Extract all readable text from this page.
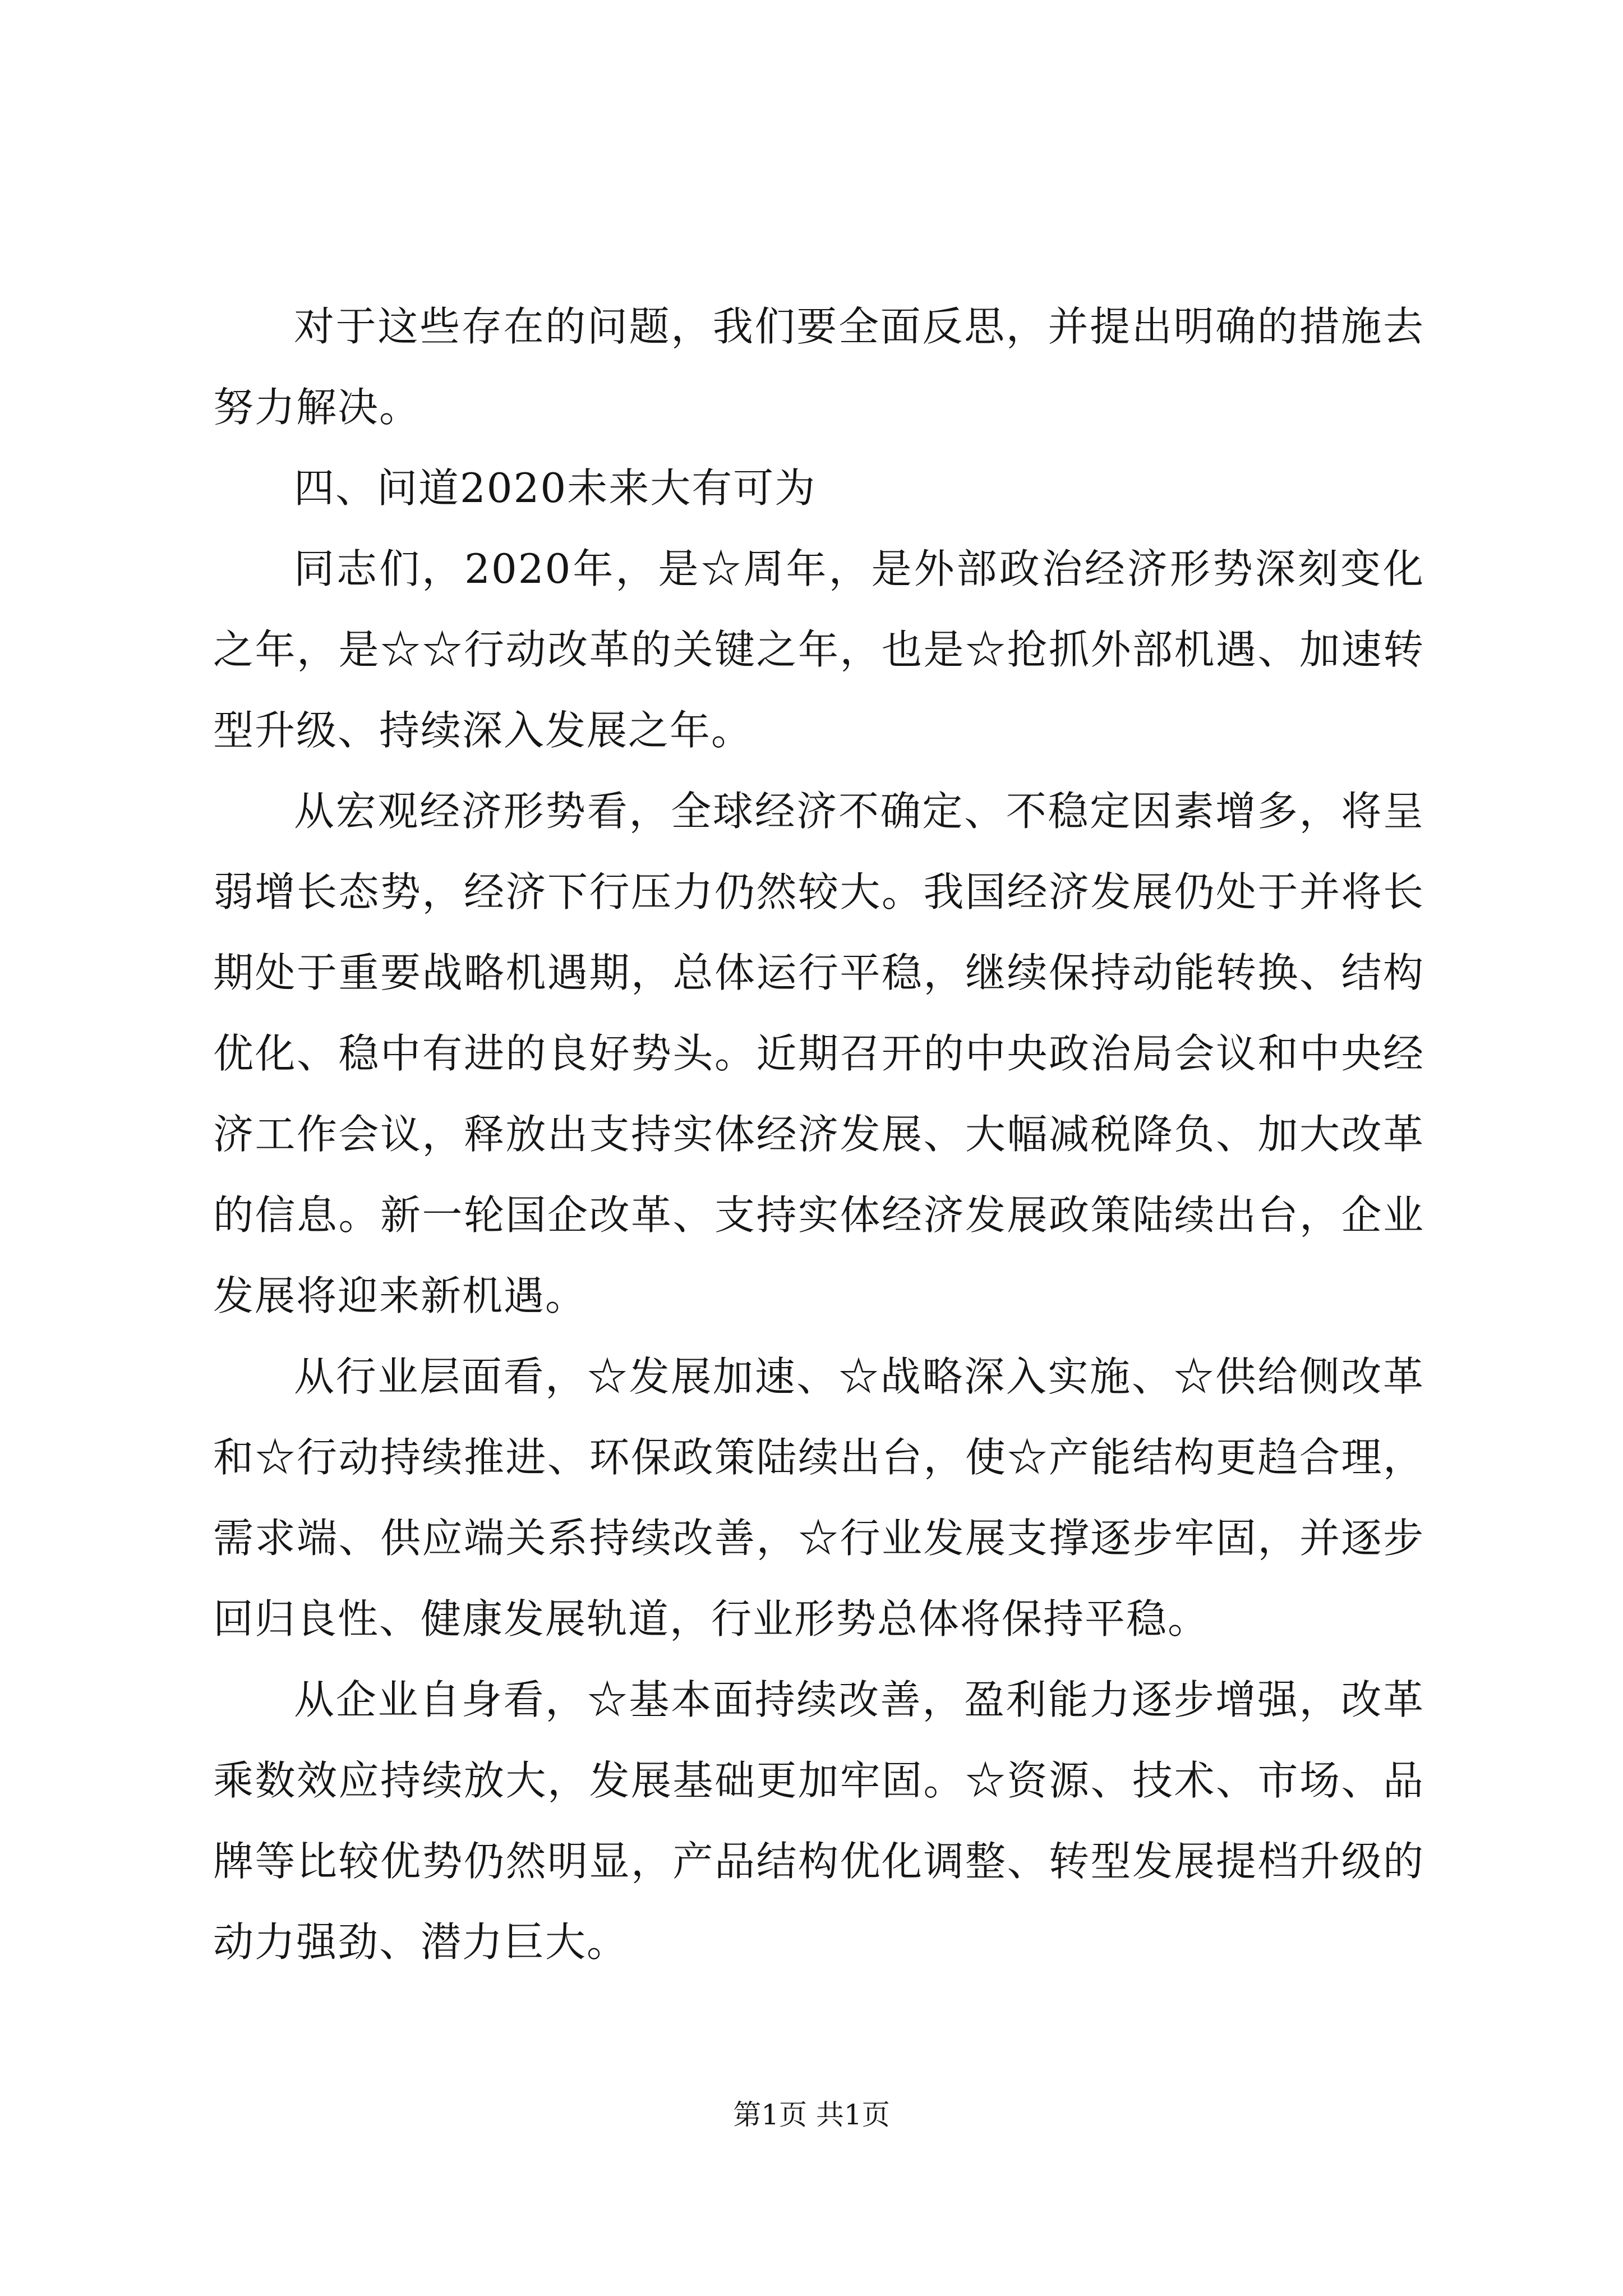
对于这些存在的问题，我们要全面反思，并提出明确的措施去努力解决。

四、问道2020未来大有可为

同志们，2020年，是☆周年，是外部政治经济形势深刻变化之年，是☆☆行动改革的关键之年，也是☆抢抓外部机遇、加速转型升级、持续深入发展之年。

从宏观经济形势看，全球经济不确定、不稳定因素增多，将呈弱增长态势，经济下行压力仍然较大。我国经济发展仍处于并将长期处于重要战略机遇期，总体运行平稳，继续保持动能转换、结构优化、稳中有进的良好势头。近期召开的中央政治局会议和中央经济工作会议，释放出支持实体经济发展、大幅减税降负、加大改革的信息。新一轮国企改革、支持实体经济发展政策陆续出台，企业发展将迎来新机遇。

从行业层面看，☆发展加速、☆战略深入实施、☆供给侧改革和☆行动持续推进、环保政策陆续出台，使☆产能结构更趋合理，需求端、供应端关系持续改善，☆行业发展支撑逐步牢固，并逐步回归良性、健康发展轨道，行业形势总体将保持平稳。

从企业自身看，☆基本面持续改善，盈利能力逐步增强，改革乘数效应持续放大，发展基础更加牢固。☆资源、技术、市场、品牌等比较优势仍然明显，产品结构优化调整、转型发展提档升级的动力强劲、潜力巨大。

第1页 共1页
